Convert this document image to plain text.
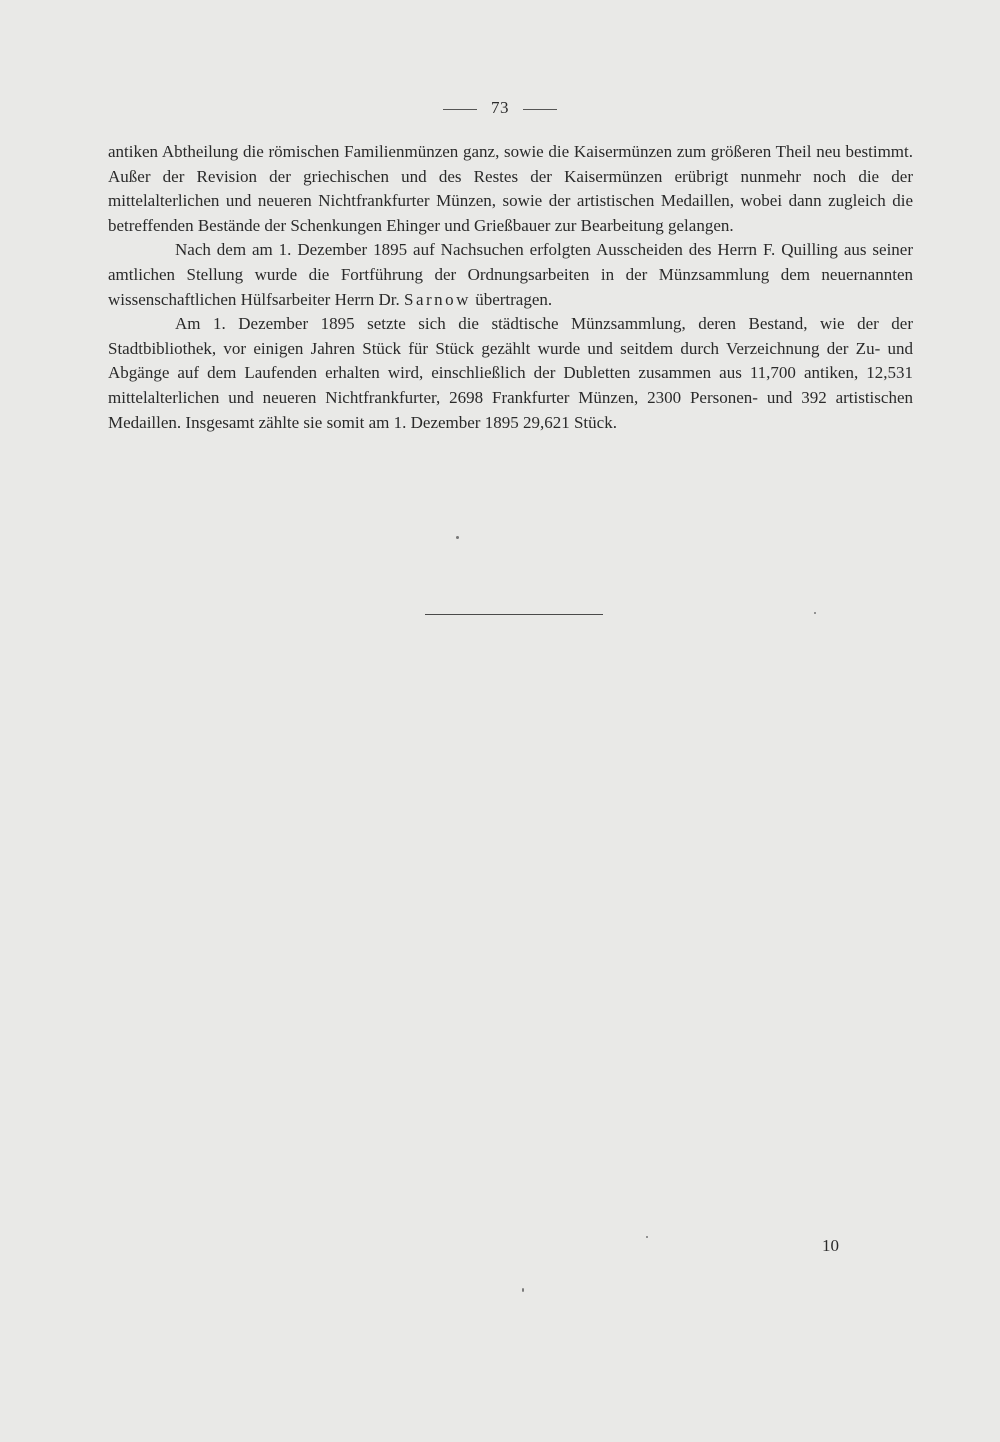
73

antiken Abtheilung die römischen Familienmünzen ganz, sowie die Kaisermünzen zum größeren Theil neu bestimmt. Außer der Revision der griechischen und des Restes der Kaisermünzen erübrigt nunmehr noch die der mittelalterlichen und neueren Nichtfrankfurter Münzen, sowie der artistischen Medaillen, wobei dann zugleich die betreffenden Bestände der Schenkungen Ehinger und Grießbauer zur Bearbeitung gelangen.

Nach dem am 1. Dezember 1895 auf Nachsuchen erfolgten Ausscheiden des Herrn F. Quilling aus seiner amtlichen Stellung wurde die Fortführung der Ordnungsarbeiten in der Münzsammlung dem neuernannten wissenschaftlichen Hülfsarbeiter Herrn Dr. Sarnow übertragen.

Am 1. Dezember 1895 setzte sich die städtische Münzsammlung, deren Bestand, wie der der Stadtbibliothek, vor einigen Jahren Stück für Stück gezählt wurde und seitdem durch Verzeichnung der Zu- und Abgänge auf dem Laufenden erhalten wird, einschließlich der Dubletten zusammen aus 11,700 antiken, 12,531 mittelalterlichen und neueren Nichtfrankfurter, 2698 Frankfurter Münzen, 2300 Personen- und 392 artistischen Medaillen. Insgesamt zählte sie somit am 1. Dezember 1895 29,621 Stück.

10
